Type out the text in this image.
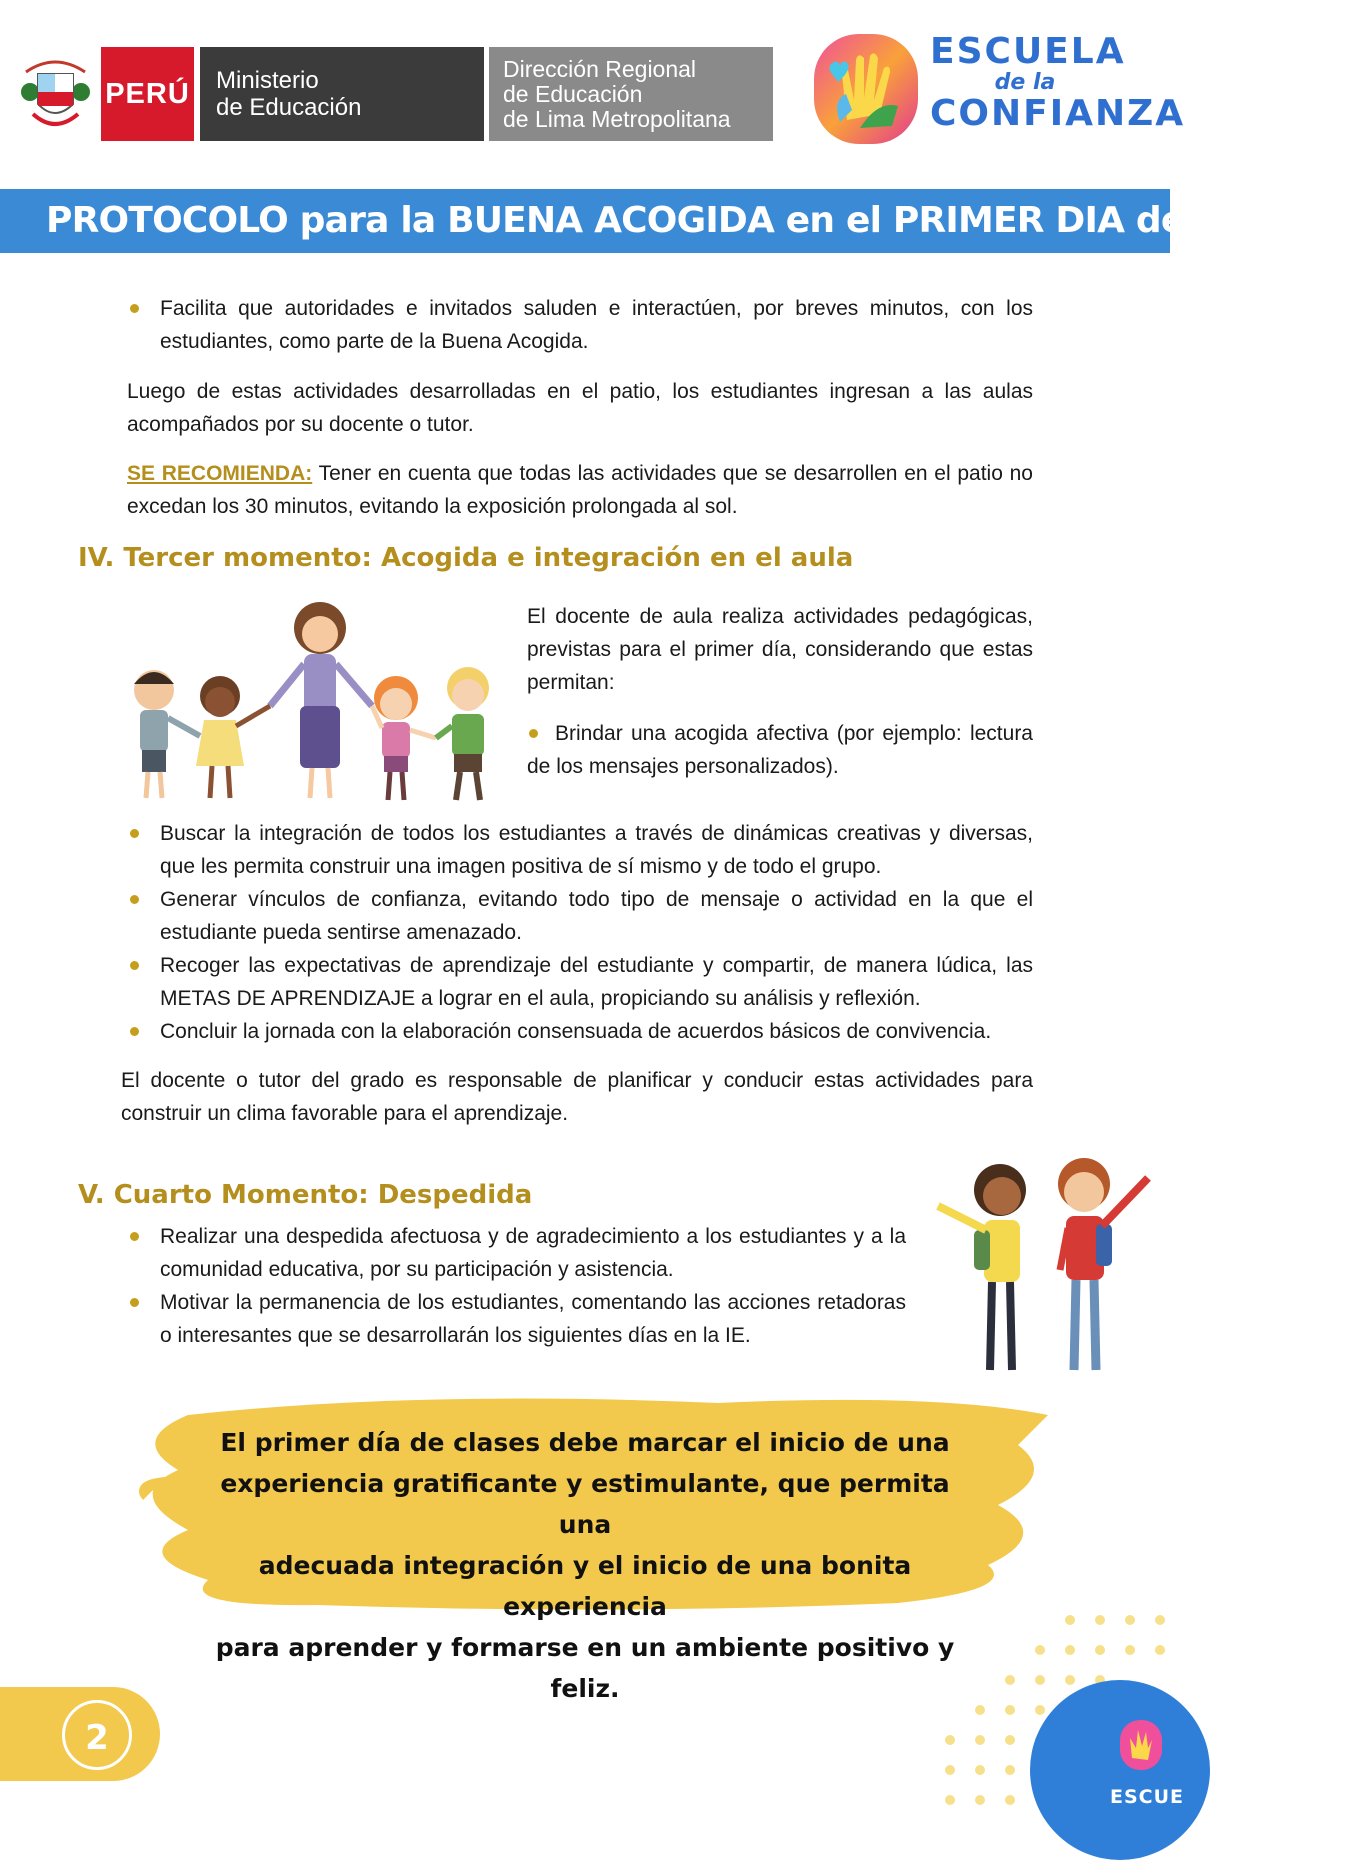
PERÚ Ministerio
de Educación
Dirección Regional
de Educación
de Lima Metropolitana
ESCUELA
de la
CONFIANZA
PROTOCOLO para la BUENA ACOGIDA en el PRIMER DIA de CLASES
Facilita que autoridades e invitados saluden e interactúen, por breves minutos, con los estudiantes, como parte de la Buena Acogida.
Luego de estas actividades desarrolladas en el patio, los estudiantes ingresan a las aulas acompañados por su docente o tutor.
SE RECOMIENDA: Tener en cuenta que todas las actividades que se desarrollen en el patio no excedan los 30 minutos, evitando la exposición prolongada al sol.
IV. Tercer momento: Acogida e integración en el aula
El docente de aula realiza actividades pedagógicas, previstas para el primer día, considerando que estas permitan:
Brindar una acogida afectiva (por ejemplo: lectura de los mensajes personalizados).
Buscar la integración de todos los estudiantes a través de dinámicas creativas y diversas, que les permita construir una imagen positiva de sí mismo y de todo el grupo.
Generar vínculos de confianza, evitando todo tipo de mensaje o actividad en la que el estudiante pueda sentirse amenazado.
Recoger las expectativas de aprendizaje del estudiante y compartir, de manera lúdica, las METAS DE APRENDIZAJE a lograr en el aula, propiciando su análisis y reflexión.
Concluir la jornada con la elaboración consensuada de acuerdos básicos de convivencia.
El docente o tutor del grado es responsable de planificar y conducir estas actividades para construir un clima favorable para el aprendizaje.
V. Cuarto Momento: Despedida
Realizar una despedida afectuosa y de agradecimiento a los estudiantes y a la comunidad educativa, por su participación y asistencia.
Motivar la permanencia de los estudiantes, comentando las acciones retadoras o interesantes que se desarrollarán los siguientes días en la IE.
El primer día de clases debe marcar el inicio de una
experiencia gratificante y estimulante, que permita una
adecuada integración y el inicio de una bonita experiencia
para aprender y formarse en un ambiente positivo y feliz.
2
ESCUE
